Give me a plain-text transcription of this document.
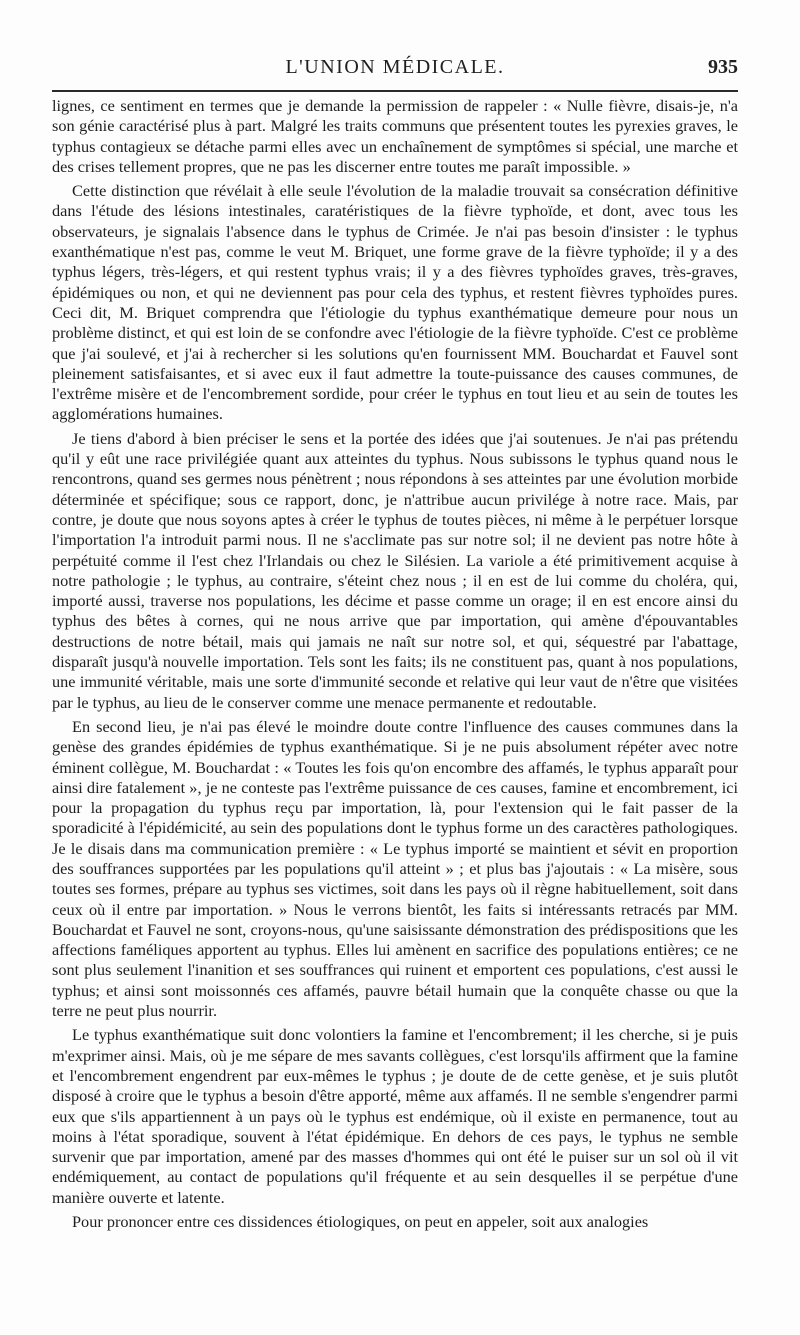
L'UNION MÉDICALE.	935

lignes, ce sentiment en termes que je demande la permission de rappeler : « Nulle fièvre, disais-je, n'a son génie caractérisé plus à part. Malgré les traits communs que présentent toutes les pyrexies graves, le typhus contagieux se détache parmi elles avec un enchaînement de symptômes si spécial, une marche et des crises tellement propres, que ne pas les discerner entre toutes me paraît impossible. »

Cette distinction que révélait à elle seule l'évolution de la maladie trouvait sa consécration définitive dans l'étude des lésions intestinales, caratéristiques de la fièvre typhoïde, et dont, avec tous les observateurs, je signalais l'absence dans le typhus de Crimée. Je n'ai pas besoin d'insister : le typhus exanthématique n'est pas, comme le veut M. Briquet, une forme grave de la fièvre typhoïde; il y a des typhus légers, très-légers, et qui restent typhus vrais; il y a des fièvres typhoïdes graves, très-graves, épidémiques ou non, et qui ne deviennent pas pour cela des typhus, et restent fièvres typhoïdes pures. Ceci dit, M. Briquet comprendra que l'étiologie du typhus exanthématique demeure pour nous un problème distinct, et qui est loin de se confondre avec l'étiologie de la fièvre typhoïde. C'est ce problème que j'ai soulevé, et j'ai à rechercher si les solutions qu'en fournissent MM. Bouchardat et Fauvel sont pleinement satisfaisantes, et si avec eux il faut admettre la toute-puissance des causes communes, de l'extrême misère et de l'encombrement sordide, pour créer le typhus en tout lieu et au sein de toutes les agglomérations humaines.

Je tiens d'abord à bien préciser le sens et la portée des idées que j'ai soutenues. Je n'ai pas prétendu qu'il y eût une race privilégiée quant aux atteintes du typhus. Nous subissons le typhus quand nous le rencontrons, quand ses germes nous pénètrent ; nous répondons à ses atteintes par une évolution morbide déterminée et spécifique; sous ce rapport, donc, je n'attribue aucun privilége à notre race. Mais, par contre, je doute que nous soyons aptes à créer le typhus de toutes pièces, ni même à le perpétuer lorsque l'importation l'a introduit parmi nous. Il ne s'acclimate pas sur notre sol; il ne devient pas notre hôte à perpétuité comme il l'est chez l'Irlandais ou chez le Silésien. La variole a été primitivement acquise à notre pathologie ; le typhus, au contraire, s'éteint chez nous ; il en est de lui comme du choléra, qui, importé aussi, traverse nos populations, les décime et passe comme un orage; il en est encore ainsi du typhus des bêtes à cornes, qui ne nous arrive que par importation, qui amène d'épouvantables destructions de notre bétail, mais qui jamais ne naît sur notre sol, et qui, séquestré par l'abattage, disparaît jusqu'à nouvelle importation. Tels sont les faits; ils ne constituent pas, quant à nos populations, une immunité véritable, mais une sorte d'immunité seconde et relative qui leur vaut de n'être que visitées par le typhus, au lieu de le conserver comme une menace permanente et redoutable.

En second lieu, je n'ai pas élevé le moindre doute contre l'influence des causes communes dans la genèse des grandes épidémies de typhus exanthématique. Si je ne puis absolument répéter avec notre éminent collègue, M. Bouchardat : « Toutes les fois qu'on encombre des affamés, le typhus apparaît pour ainsi dire fatalement », je ne conteste pas l'extrême puissance de ces causes, famine et encombrement, ici pour la propagation du typhus reçu par importation, là, pour l'extension qui le fait passer de la sporadicité à l'épidémicité, au sein des populations dont le typhus forme un des caractères pathologiques. Je le disais dans ma communication première : « Le typhus importé se maintient et sévit en proportion des souffrances supportées par les populations qu'il atteint » ; et plus bas j'ajoutais : « La misère, sous toutes ses formes, prépare au typhus ses victimes, soit dans les pays où il règne habituellement, soit dans ceux où il entre par importation. » Nous le verrons bientôt, les faits si intéressants retracés par MM. Bouchardat et Fauvel ne sont, croyons-nous, qu'une saisissante démonstration des prédispositions que les affections faméliques apportent au typhus. Elles lui amènent en sacrifice des populations entières; ce ne sont plus seulement l'inanition et ses souffrances qui ruinent et emportent ces populations, c'est aussi le typhus; et ainsi sont moissonnés ces affamés, pauvre bétail humain que la conquête chasse ou que la terre ne peut plus nourrir.

Le typhus exanthématique suit donc volontiers la famine et l'encombrement; il les cherche, si je puis m'exprimer ainsi. Mais, où je me sépare de mes savants collègues, c'est lorsqu'ils affirment que la famine et l'encombrement engendrent par eux-mêmes le typhus ; je doute de de cette genèse, et je suis plutôt disposé à croire que le typhus a besoin d'être apporté, même aux affamés. Il ne semble s'engendrer parmi eux que s'ils appartiennent à un pays où le typhus est endémique, où il existe en permanence, tout au moins à l'état sporadique, souvent à l'état épidémique. En dehors de ces pays, le typhus ne semble survenir que par importation, amené par des masses d'hommes qui ont été le puiser sur un sol où il vit endémiquement, au contact de populations qu'il fréquente et au sein desquelles il se perpétue d'une manière ouverte et latente.

Pour prononcer entre ces dissidences étiologiques, on peut en appeler, soit aux analogies
